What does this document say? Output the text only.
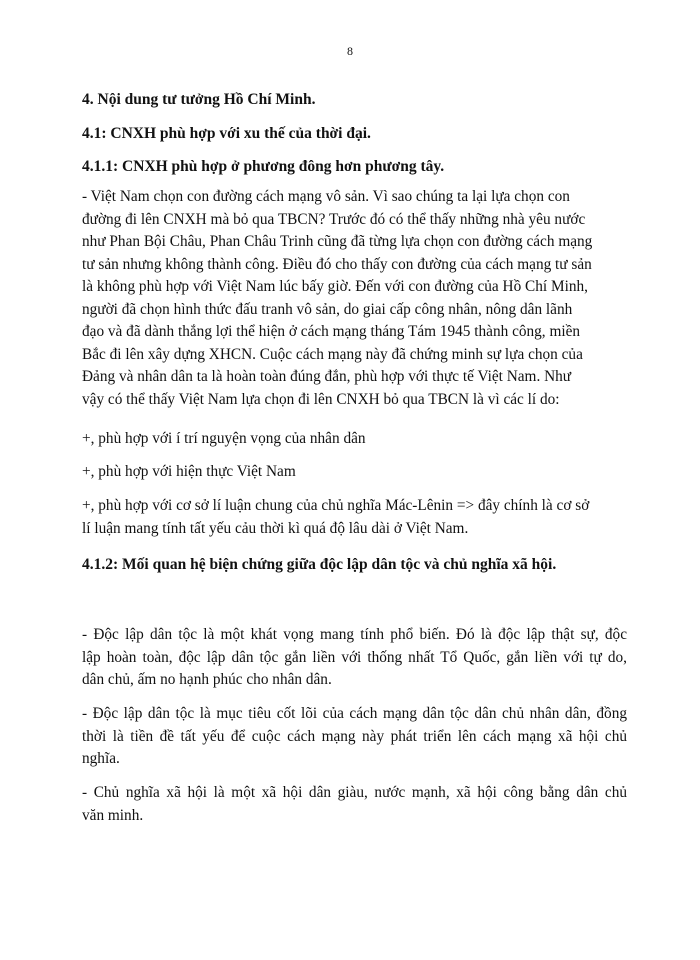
8
4. Nội dung tư tưởng Hồ Chí Minh.
4.1: CNXH phù hợp với xu thế của thời đại.
4.1.1: CNXH phù hợp ở phương đông hơn phương tây.

- Việt Nam chọn con đường cách mạng vô sản. Vì sao chúng ta lại lựa chọn con
đường đi lên CNXH mà bỏ qua TBCN? Trước đó có thể thấy những nhà yêu nước
như Phan Bội Châu, Phan Châu Trinh cũng đã từng lựa chọn con đường cách mạng
tư sản nhưng không thành công. Điều đó cho thấy con đường của cách mạng tư sản
là không phù hợp với Việt Nam lúc bấy giờ. Đến với con đường của Hồ Chí Minh,
người đã chọn hình thức đấu tranh vô sản, do giai cấp công nhân, nông dân lãnh
đạo và đã dành thắng lợi thể hiện ở cách mạng tháng Tám 1945 thành công, miền
Bắc đi lên xây dựng XHCN. Cuộc cách mạng này đã chứng minh sự lựa chọn của
Đảng và nhân dân ta là hoàn toàn đúng đắn, phù hợp với thực tế Việt Nam. Như
vậy có thể thấy Việt Nam lựa chọn đi lên CNXH bỏ qua TBCN là vì các lí do:

+, phù hợp với í trí nguyện vọng của nhân dân

+, phù hợp với hiện thực Việt Nam

+, phù hợp với cơ sở lí luận chung của chủ nghĩa Mác-Lênin => đây chính là cơ sở
lí luận mang tính tất yếu cảu thời kì quá độ lâu dài ở Việt Nam.

4.1.2: Mối quan hệ biện chứng giữa độc lập dân tộc và chủ nghĩa xã hội.

- Độc lập dân tộc là một khát vọng mang tính phổ biến. Đó là độc lập thật sự, độc
lập hoàn toàn, độc lập dân tộc gắn liền với thống nhất Tổ Quốc, gắn liền với tự do,
dân chủ, ấm no hạnh phúc cho nhân dân.

- Độc lập dân tộc là mục tiêu cốt lõi của cách mạng dân tộc dân chủ nhân dân, đồng
thời là tiền đề tất yếu để cuộc cách mạng này phát triển lên cách mạng xã hội chủ
nghĩa.

- Chủ nghĩa xã hội là một xã hội dân giàu, nước mạnh, xã hội công bằng dân chủ
văn minh.
